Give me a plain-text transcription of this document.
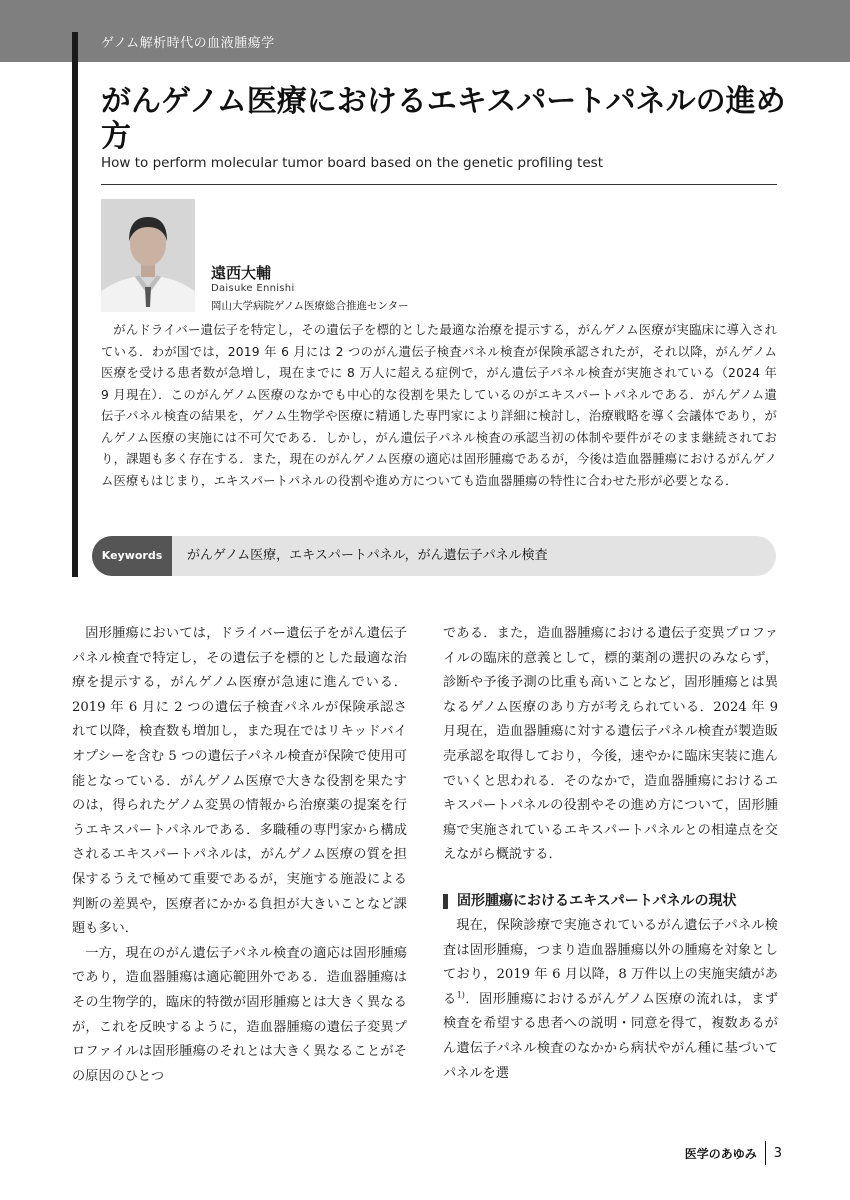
ゲノム解析時代の血液腫瘍学
がんゲノム医療におけるエキスパートパネルの進め方
How to perform molecular tumor board based on the genetic profiling test
遠西大輔
Daisuke Ennishi
岡山大学病院ゲノム医療総合推進センター

がんドライバー遺伝子を特定し，その遺伝子を標的とした最適な治療を提示する，がんゲノム医療が実臨床に導入されている．わが国では，2019 年 6 月には 2 つのがん遺伝子検査パネル検査が保険承認されたが，それ以降，がんゲノム医療を受ける患者数が急増し，現在までに 8 万人に超える症例で，がん遺伝子パネル検査が実施されている（2024 年 9 月現在）．このがんゲノム医療のなかでも中心的な役割を果たしているのがエキスパートパネルである．がんゲノム遺伝子パネル検査の結果を，ゲノム生物学や医療に精通した専門家により詳細に検討し，治療戦略を導く会議体であり，がんゲノム医療の実施には不可欠である．しかし，がん遺伝子パネル検査の承認当初の体制や要件がそのまま継続されており，課題も多く存在する．また，現在のがんゲノム医療の適応は固形腫瘍であるが，今後は造血器腫瘍におけるがんゲノム医療もはじまり，エキスパートパネルの役割や進め方についても造血器腫瘍の特性に合わせた形が必要となる．

Keywords	がんゲノム医療，エキスパートパネル，がん遺伝子パネル検査

固形腫瘍においては，ドライバー遺伝子をがん遺伝子パネル検査で特定し，その遺伝子を標的とした最適な治療を提示する，がんゲノム医療が急速に進んでいる．2019 年 6 月に 2 つの遺伝子検査パネルが保険承認されて以降，検査数も増加し，また現在ではリキッドバイオプシーを含む 5 つの遺伝子パネル検査が保険で使用可能となっている．がんゲノム医療で大きな役割を果たすのは，得られたゲノム変異の情報から治療薬の提案を行うエキスパートパネルである．多職種の専門家から構成されるエキスパートパネルは，がんゲノム医療の質を担保するうえで極めて重要であるが，実施する施設による判断の差異や，医療者にかかる負担が大きいことなど課題も多い．

一方，現在のがん遺伝子パネル検査の適応は固形腫瘍であり，造血器腫瘍は適応範囲外である．造血器腫瘍はその生物学的，臨床的特徴が固形腫瘍とは大きく異なるが，これを反映するように，造血器腫瘍の遺伝子変異プロファイルは固形腫瘍のそれとは大きく異なることがその原因のひとつ

である．また，造血器腫瘍における遺伝子変異プロファイルの臨床的意義として，標的薬剤の選択のみならず，診断や予後予測の比重も高いことなど，固形腫瘍とは異なるゲノム医療のあり方が考えられている．2024 年 9 月現在，造血器腫瘍に対する遺伝子パネル検査が製造販売承認を取得しており，今後，速やかに臨床実装に進んでいくと思われる．そのなかで，造血器腫瘍におけるエキスパートパネルの役割やその進め方について，固形腫瘍で実施されているエキスパートパネルとの相違点を交えながら概説する．

固形腫瘍におけるエキスパートパネルの現状

現在，保険診療で実施されているがん遺伝子パネル検査は固形腫瘍，つまり造血器腫瘍以外の腫瘍を対象としており，2019 年 6 月以降，8 万件以上の実施実績がある$^{1)}$．固形腫瘍におけるがんゲノム医療の流れは，まず検査を希望する患者への説明・同意を得て，複数あるがん遺伝子パネル検査のなかから病状やがん種に基づいてパネルを選

医学のあゆみ	3
